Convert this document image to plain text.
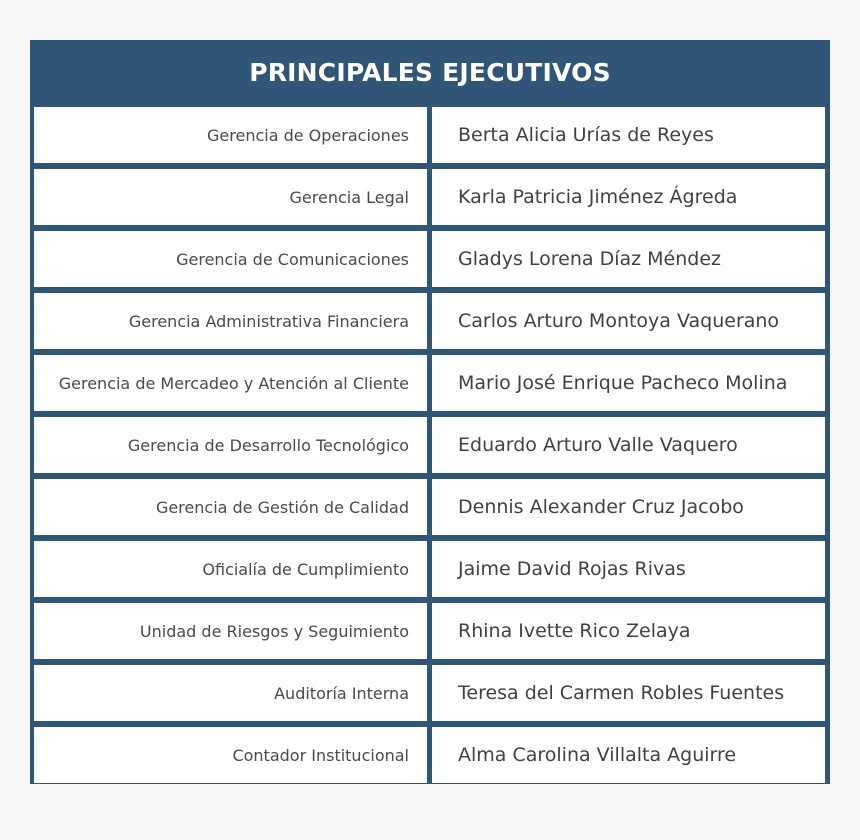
PRINCIPALES EJECUTIVOS
Gerencia de Operaciones	Berta Alicia Urías de Reyes
Gerencia Legal	Karla Patricia Jiménez Ágreda
Gerencia de Comunicaciones	Gladys Lorena Díaz Méndez
Gerencia Administrativa Financiera	Carlos Arturo Montoya Vaquerano
Gerencia de Mercadeo y Atención al Cliente	Mario José Enrique Pacheco Molina
Gerencia de Desarrollo Tecnológico	Eduardo Arturo Valle Vaquero
Gerencia de Gestión de Calidad	Dennis Alexander Cruz Jacobo
Oficialía de Cumplimiento	Jaime David Rojas Rivas
Unidad de Riesgos y Seguimiento	Rhina Ivette Rico Zelaya
Auditoría Interna	Teresa del Carmen Robles Fuentes
Contador Institucional	Alma Carolina Villalta Aguirre
